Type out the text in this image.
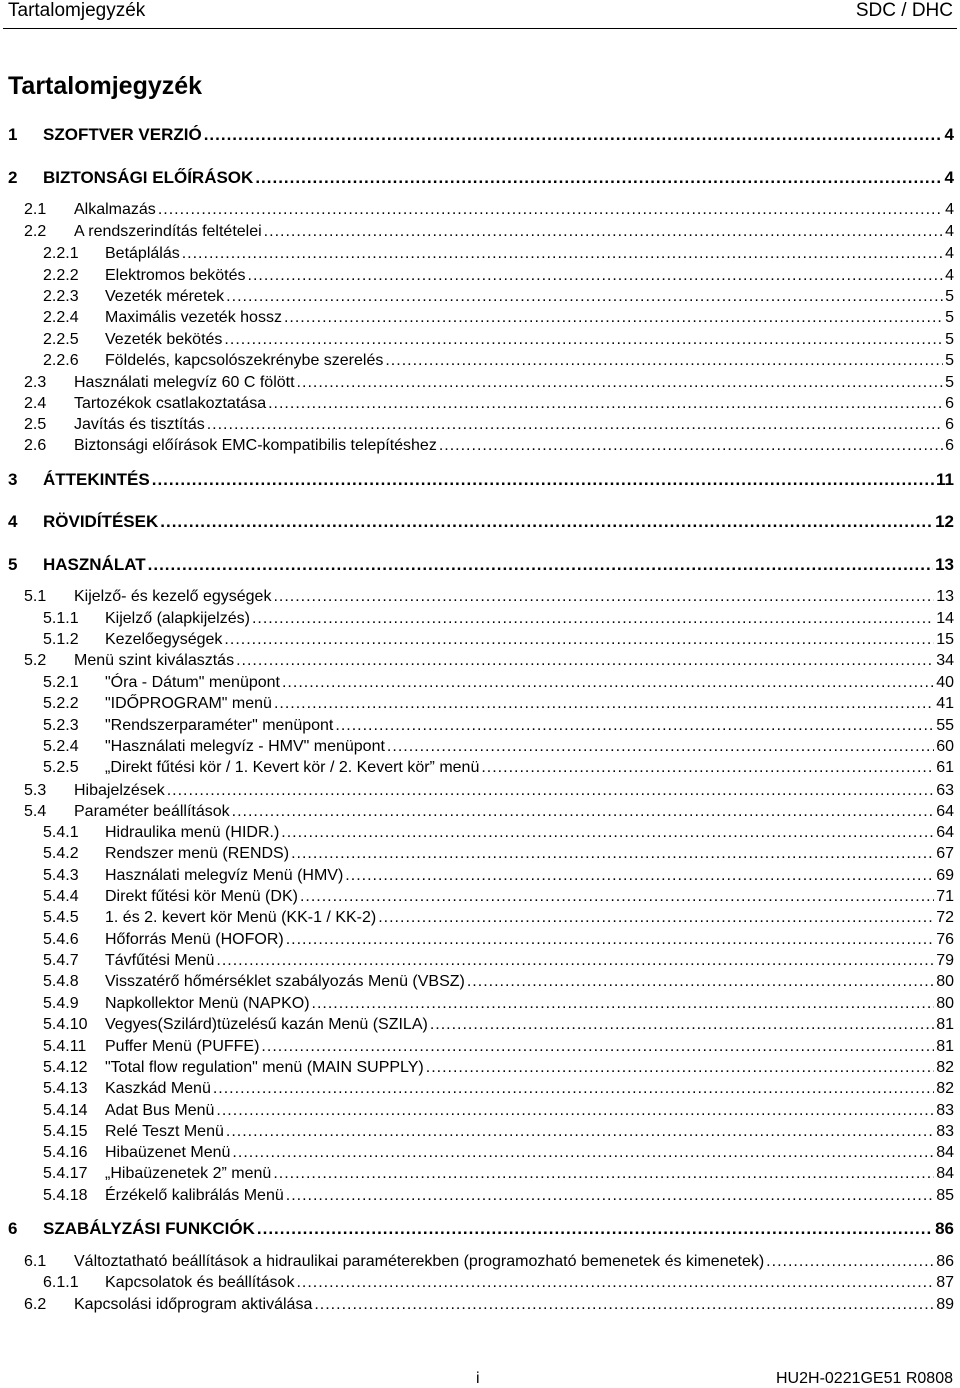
Tartalomjegyzék	SDC / DHC
Tartalomjegyzék
1 SZOFTVER VERZIÓ .....	4
2 BIZTONSÁGI ELŐÍRÁSOK .....	4
2.1 Alkalmazás .....	4
2.2 A rendszerindítás feltételei .....	4
2.2.1 Betáplálás .....	4
2.2.2 Elektromos bekötés .....	4
2.2.3 Vezeték méretek .....	5
2.2.4 Maximális vezeték hossz .....	5
2.2.5 Vezeték bekötés .....	5
2.2.6 Földelés, kapcsolószekrénybe szerelés .....	5
2.3 Használati melegvíz 60 C fölött .....	5
2.4 Tartozékok csatlakoztatása .....	6
2.5 Javítás és tisztítás .....	6
2.6 Biztonsági előírások EMC-kompatibilis telepítéshez .....	6
3 ÁTTEKINTÉS .....	11
4 RÖVIDÍTÉSEK .....	12
5 HASZNÁLAT .....	13
5.1 Kijelző- és kezelő egységek .....	13
5.1.1 Kijelző (alapkijelzés) .....	14
5.1.2 Kezelőegységek .....	15
5.2 Menü szint kiválasztás .....	34
5.2.1 "Óra - Dátum" menüpont .....	40
5.2.2 "IDŐPROGRAM" menü .....	41
5.2.3 "Rendszerparaméter" menüpont .....	55
5.2.4 "Használati melegvíz - HMV" menüpont .....	60
5.2.5 „Direkt fűtési kör / 1. Kevert kör / 2. Kevert kör” menü .....	61
5.3 Hibajelzések .....	63
5.4 Paraméter beállítások .....	64
5.4.1 Hidraulika menü (HIDR.) .....	64
5.4.2 Rendszer menü (RENDS) .....	67
5.4.3 Használati melegvíz Menü (HMV) .....	69
5.4.4 Direkt fűtési kör Menü (DK) .....	71
5.4.5 1. és 2. kevert kör Menü (KK-1 / KK-2) .....	72
5.4.6 Hőforrás Menü (HOFOR) .....	76
5.4.7 Távfűtési Menü .....	79
5.4.8 Visszatérő hőmérséklet szabályozás Menü (VBSZ) .....	80
5.4.9 Napkollektor Menü (NAPKO) .....	80
5.4.10 Vegyes(Szilárd)tüzelésű kazán Menü (SZILA) .....	81
5.4.11 Puffer Menü (PUFFE) .....	81
5.4.12 "Total flow regulation" menü (MAIN SUPPLY) .....	82
5.4.13 Kaszkád Menü .....	82
5.4.14 Adat Bus Menü .....	83
5.4.15 Relé Teszt Menü .....	83
5.4.16 Hibaüzenet Menü .....	84
5.4.17 „Hibaüzenetek 2” menü .....	84
5.4.18 Érzékelő kalibrálás Menü .....	85
6 SZABÁLYZÁSI FUNKCIÓK .....	86
6.1 Változtatható beállítások a hidraulikai paraméterekben (programozható bemenetek és kimenetek) .....	86
6.1.1 Kapcsolatok és beállítások .....	87
6.2 Kapcsolási időprogram aktiválása .....	89
i	HU2H-0221GE51 R0808
